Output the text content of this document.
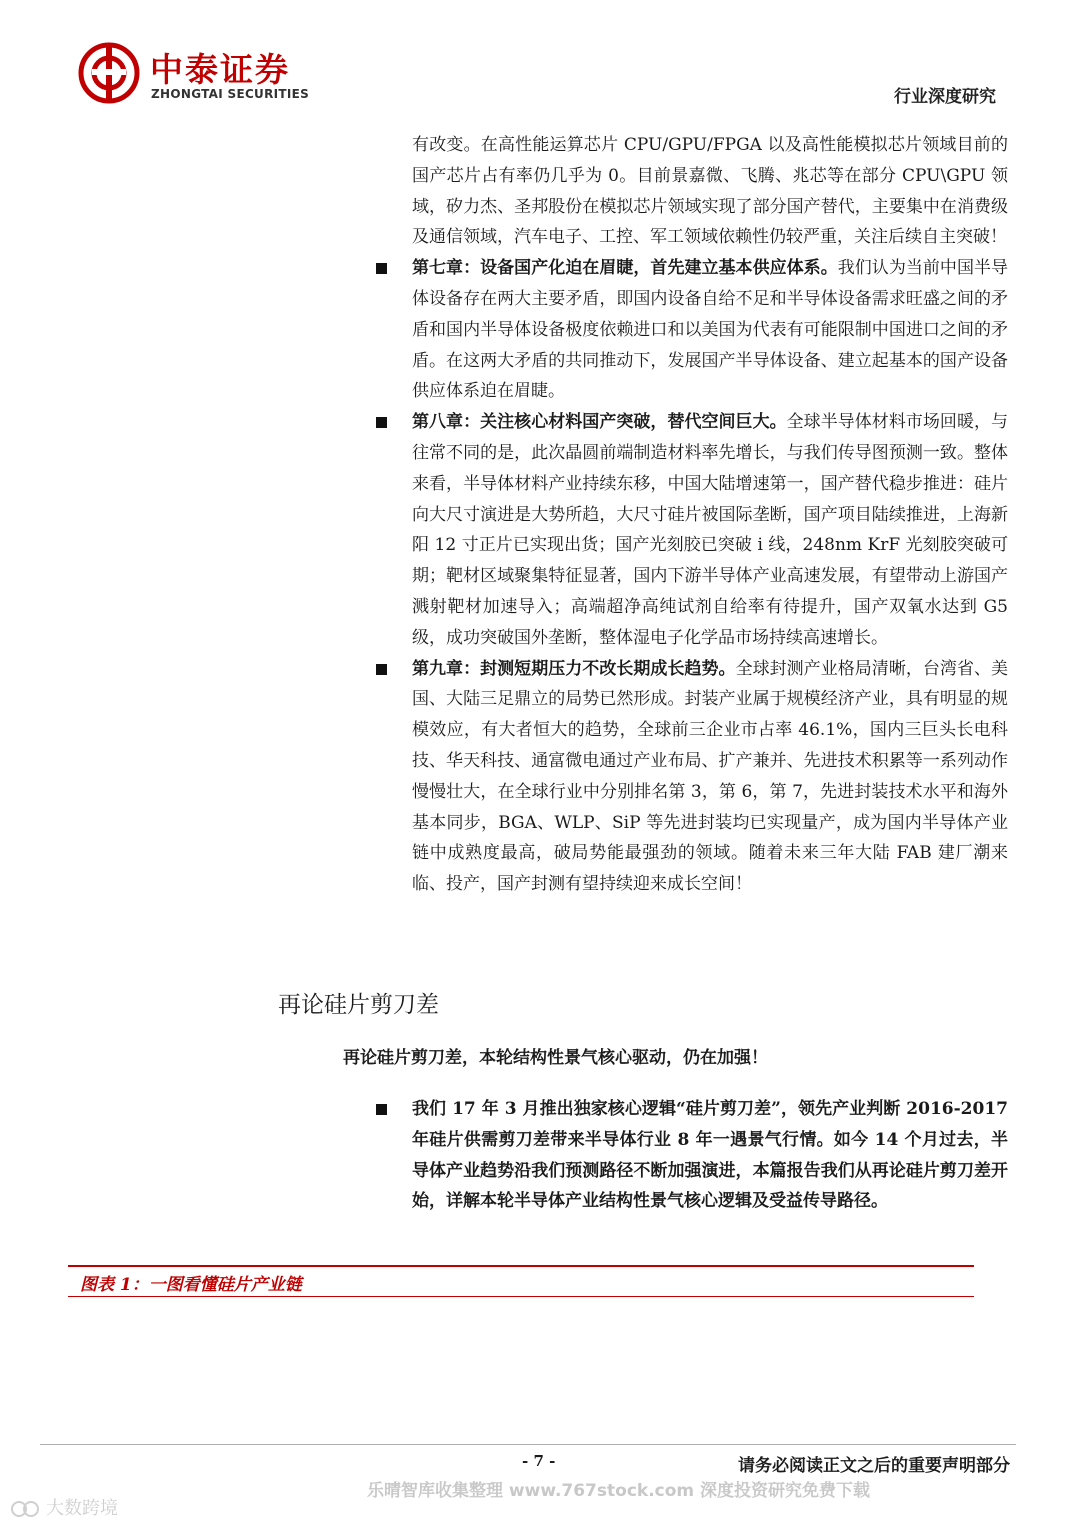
中泰证券
ZHONGTAI SECURITIES	行业深度研究
有改变。在高性能运算芯片 CPU/GPU/FPGA 以及高性能模拟芯片领域目前的国产芯片占有率仍几乎为 0。目前景嘉微、飞腾、兆芯等在部分 CPU\GPU 领域，矽力杰、圣邦股份在模拟芯片领域实现了部分国产替代，主要集中在消费级及通信领域，汽车电子、工控、军工领域依赖性仍较严重，关注后续自主突破！
第七章：设备国产化迫在眉睫，首先建立基本供应体系。我们认为当前中国半导体设备存在两大主要矛盾，即国内设备自给不足和半导体设备需求旺盛之间的矛盾和国内半导体设备极度依赖进口和以美国为代表有可能限制中国进口之间的矛盾。在这两大矛盾的共同推动下，发展国产半导体设备、建立起基本的国产设备供应体系迫在眉睫。
第八章：关注核心材料国产突破，替代空间巨大。全球半导体材料市场回暖，与往常不同的是，此次晶圆前端制造材料率先增长，与我们传导图预测一致。整体来看，半导体材料产业持续东移，中国大陆增速第一，国产替代稳步推进：硅片向大尺寸演进是大势所趋，大尺寸硅片被国际垄断，国产项目陆续推进，上海新阳 12 寸正片已实现出货；国产光刻胶已突破 i 线，248nm KrF 光刻胶突破可期；靶材区域聚集特征显著，国内下游半导体产业高速发展，有望带动上游国产溅射靶材加速导入；高端超净高纯试剂自给率有待提升，国产双氧水达到 G5 级，成功突破国外垄断，整体湿电子化学品市场持续高速增长。
第九章：封测短期压力不改长期成长趋势。全球封测产业格局清晰，台湾省、美国、大陆三足鼎立的局势已然形成。封装产业属于规模经济产业，具有明显的规模效应，有大者恒大的趋势，全球前三企业市占率 46.1%，国内三巨头长电科技、华天科技、通富微电通过产业布局、扩产兼并、先进技术积累等一系列动作慢慢壮大，在全球行业中分别排名第 3，第 6，第 7，先进封装技术水平和海外基本同步，BGA、WLP、SiP 等先进封装均已实现量产，成为国内半导体产业链中成熟度最高，破局势能最强劲的领域。随着未来三年大陆 FAB 建厂潮来临、投产，国产封测有望持续迎来成长空间！
再论硅片剪刀差
再论硅片剪刀差，本轮结构性景气核心驱动，仍在加强！
我们 17 年 3 月推出独家核心逻辑“硅片剪刀差”，领先产业判断 2016-2017 年硅片供需剪刀差带来半导体行业 8 年一遇景气行情。如今 14 个月过去，半导体产业趋势沿我们预测路径不断加强演进，本篇报告我们从再论硅片剪刀差开始，详解本轮半导体产业结构性景气核心逻辑及受益传导路径。
图表 1：一图看懂硅片产业链
- 7 -	请务必阅读正文之后的重要声明部分
乐晴智库收集整理 www.767stock.com 深度投资研究免费下载
大数跨境
